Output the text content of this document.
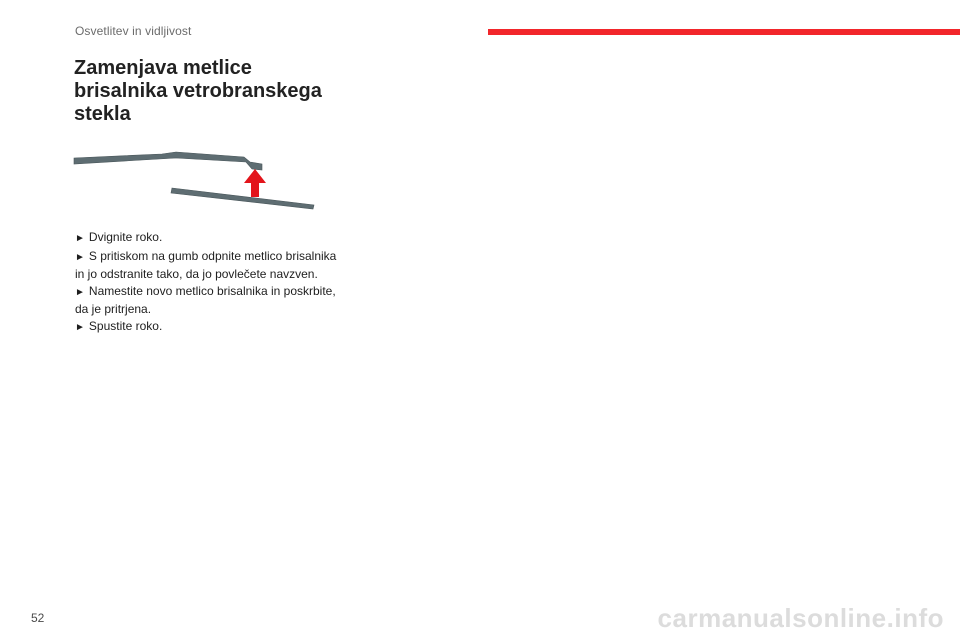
Osvetlitev in vidljivost
Zamenjava metlice brisalnika vetrobranskega stekla
► Dvignite roko.
► S pritiskom na gumb odpnite metlico brisalnika in jo odstranite tako, da jo povlečete navzven.
► Namestite novo metlico brisalnika in poskrbite, da je pritrjena.
► Spustite roko.
52	carmanualsonline.info
